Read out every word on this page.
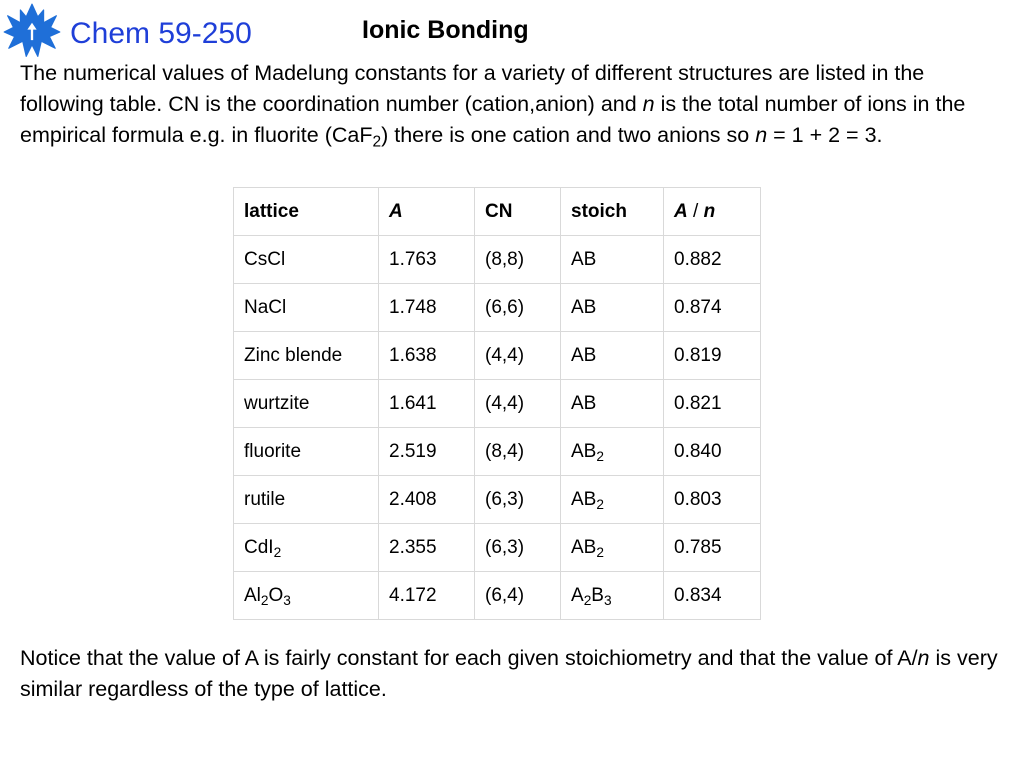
Chem 59-250	Ionic Bonding

The numerical values of Madelung constants for a variety of different structures are listed in the following table. CN is the coordination number (cation,anion) and n is the total number of ions in the empirical formula e.g. in fluorite (CaF$_2$) there is one cation and two anions so n = 1 + 2 = 3.

lattice	A	CN	stoich	A / n
CsCl	1.763	(8,8)	AB	0.882
NaCl	1.748	(6,6)	AB	0.874
Zinc blende	1.638	(4,4)	AB	0.819
wurtzite	1.641	(4,4)	AB	0.821
fluorite	2.519	(8,4)	$AB_2$	0.840
rutile	2.408	(6,3)	$AB_2$	0.803
CdI$_2$	2.355	(6,3)	$AB_2$	0.785
$Al_2O_3$	4.172	(6,4)	$A_2B_3$	0.834

Notice that the value of A is fairly constant for each given stoichiometry and that the value of A/n is very similar regardless of the type of lattice.
